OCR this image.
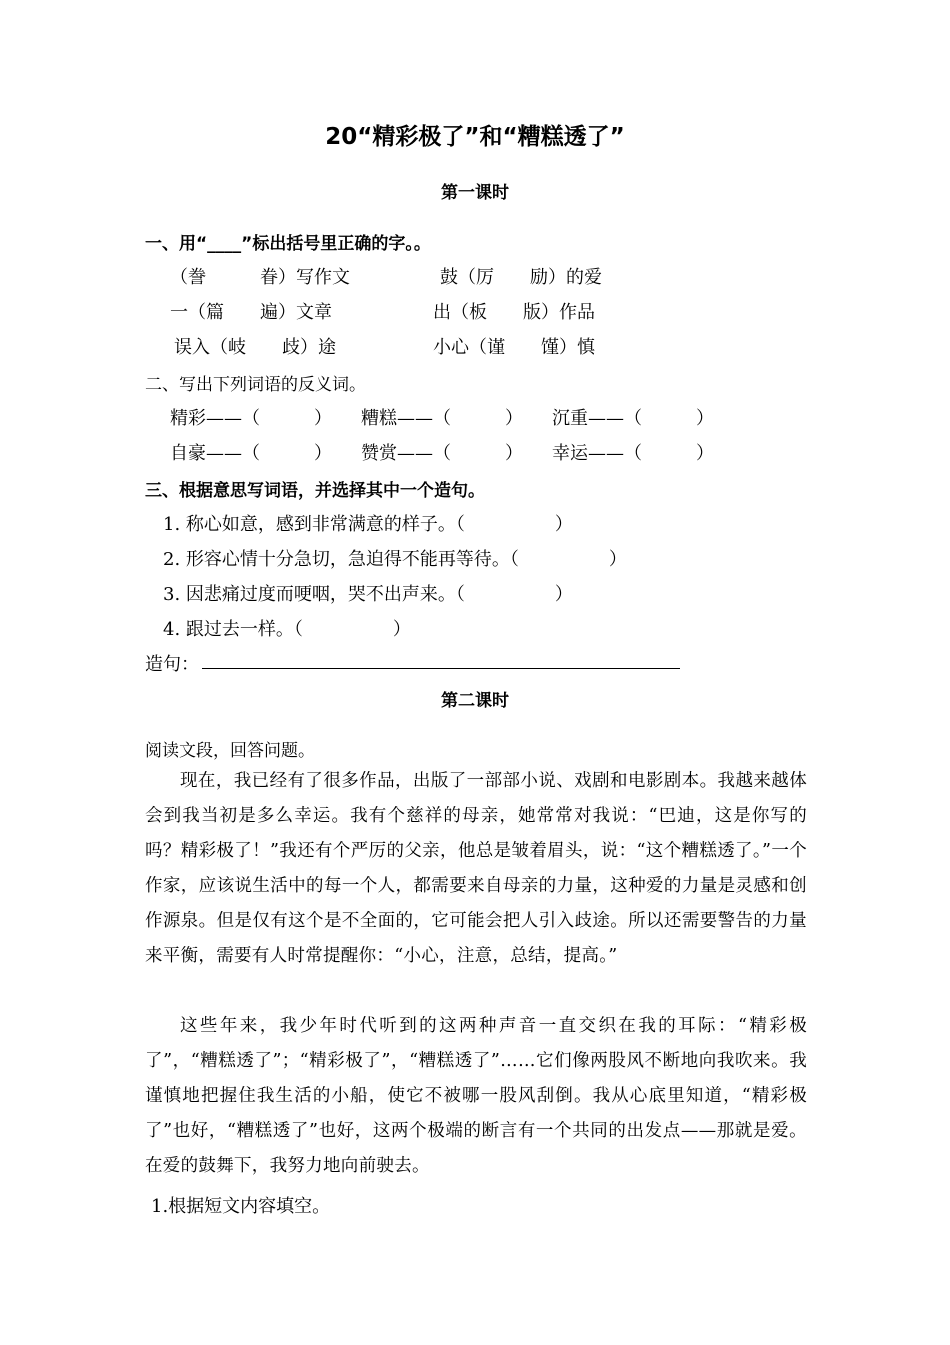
20“精彩极了”和“糟糕透了”
第一课时
一、用“____”标出括号里正确的字。。
（誊　　　眷）写作文	鼓（厉　　励）的爱
一（篇　　遍）文章	出（板　　版）作品
误入（岐　　歧）途	小心（谨　　馑）慎
二、写出下列词语的反义词。
精彩——（　　　） 糟糕——（　　　） 沉重——（　　　）
自豪——（　　　） 赞赏——（　　　） 幸运——（　　　）
三、根据意思写词语，并选择其中一个造句。
1. 称心如意，感到非常满意的样子。（　　　　　）
2. 形容心情十分急切，急迫得不能再等待。（　　　　　）
3. 因悲痛过度而哽咽，哭不出声来。（　　　　　）
4. 跟过去一样。（　　　　　）
造句：
第二课时
阅读文段，回答问题。
现在，我已经有了很多作品，出版了一部部小说、戏剧和电影剧本。我越来越体会到我当初是多么幸运。我有个慈祥的母亲，她常常对我说：“巴迪，这是你写的吗？精彩极了！”我还有个严厉的父亲，他总是皱着眉头，说：“这个糟糕透了。”一个作家，应该说生活中的每一个人，都需要来自母亲的力量，这种爱的力量是灵感和创作源泉。但是仅有这个是不全面的，它可能会把人引入歧途。所以还需要警告的力量来平衡，需要有人时常提醒你：“小心，注意，总结，提高。”
这些年来，我少年时代听到的这两种声音一直交织在我的耳际：“精彩极了”，“糟糕透了”；“精彩极了”，“糟糕透了”……它们像两股风不断地向我吹来。我谨慎地把握住我生活的小船，使它不被哪一股风刮倒。我从心底里知道，“精彩极了”也好，“糟糕透了”也好，这两个极端的断言有一个共同的出发点——那就是爱。在爱的鼓舞下，我努力地向前驶去。
1.根据短文内容填空。
